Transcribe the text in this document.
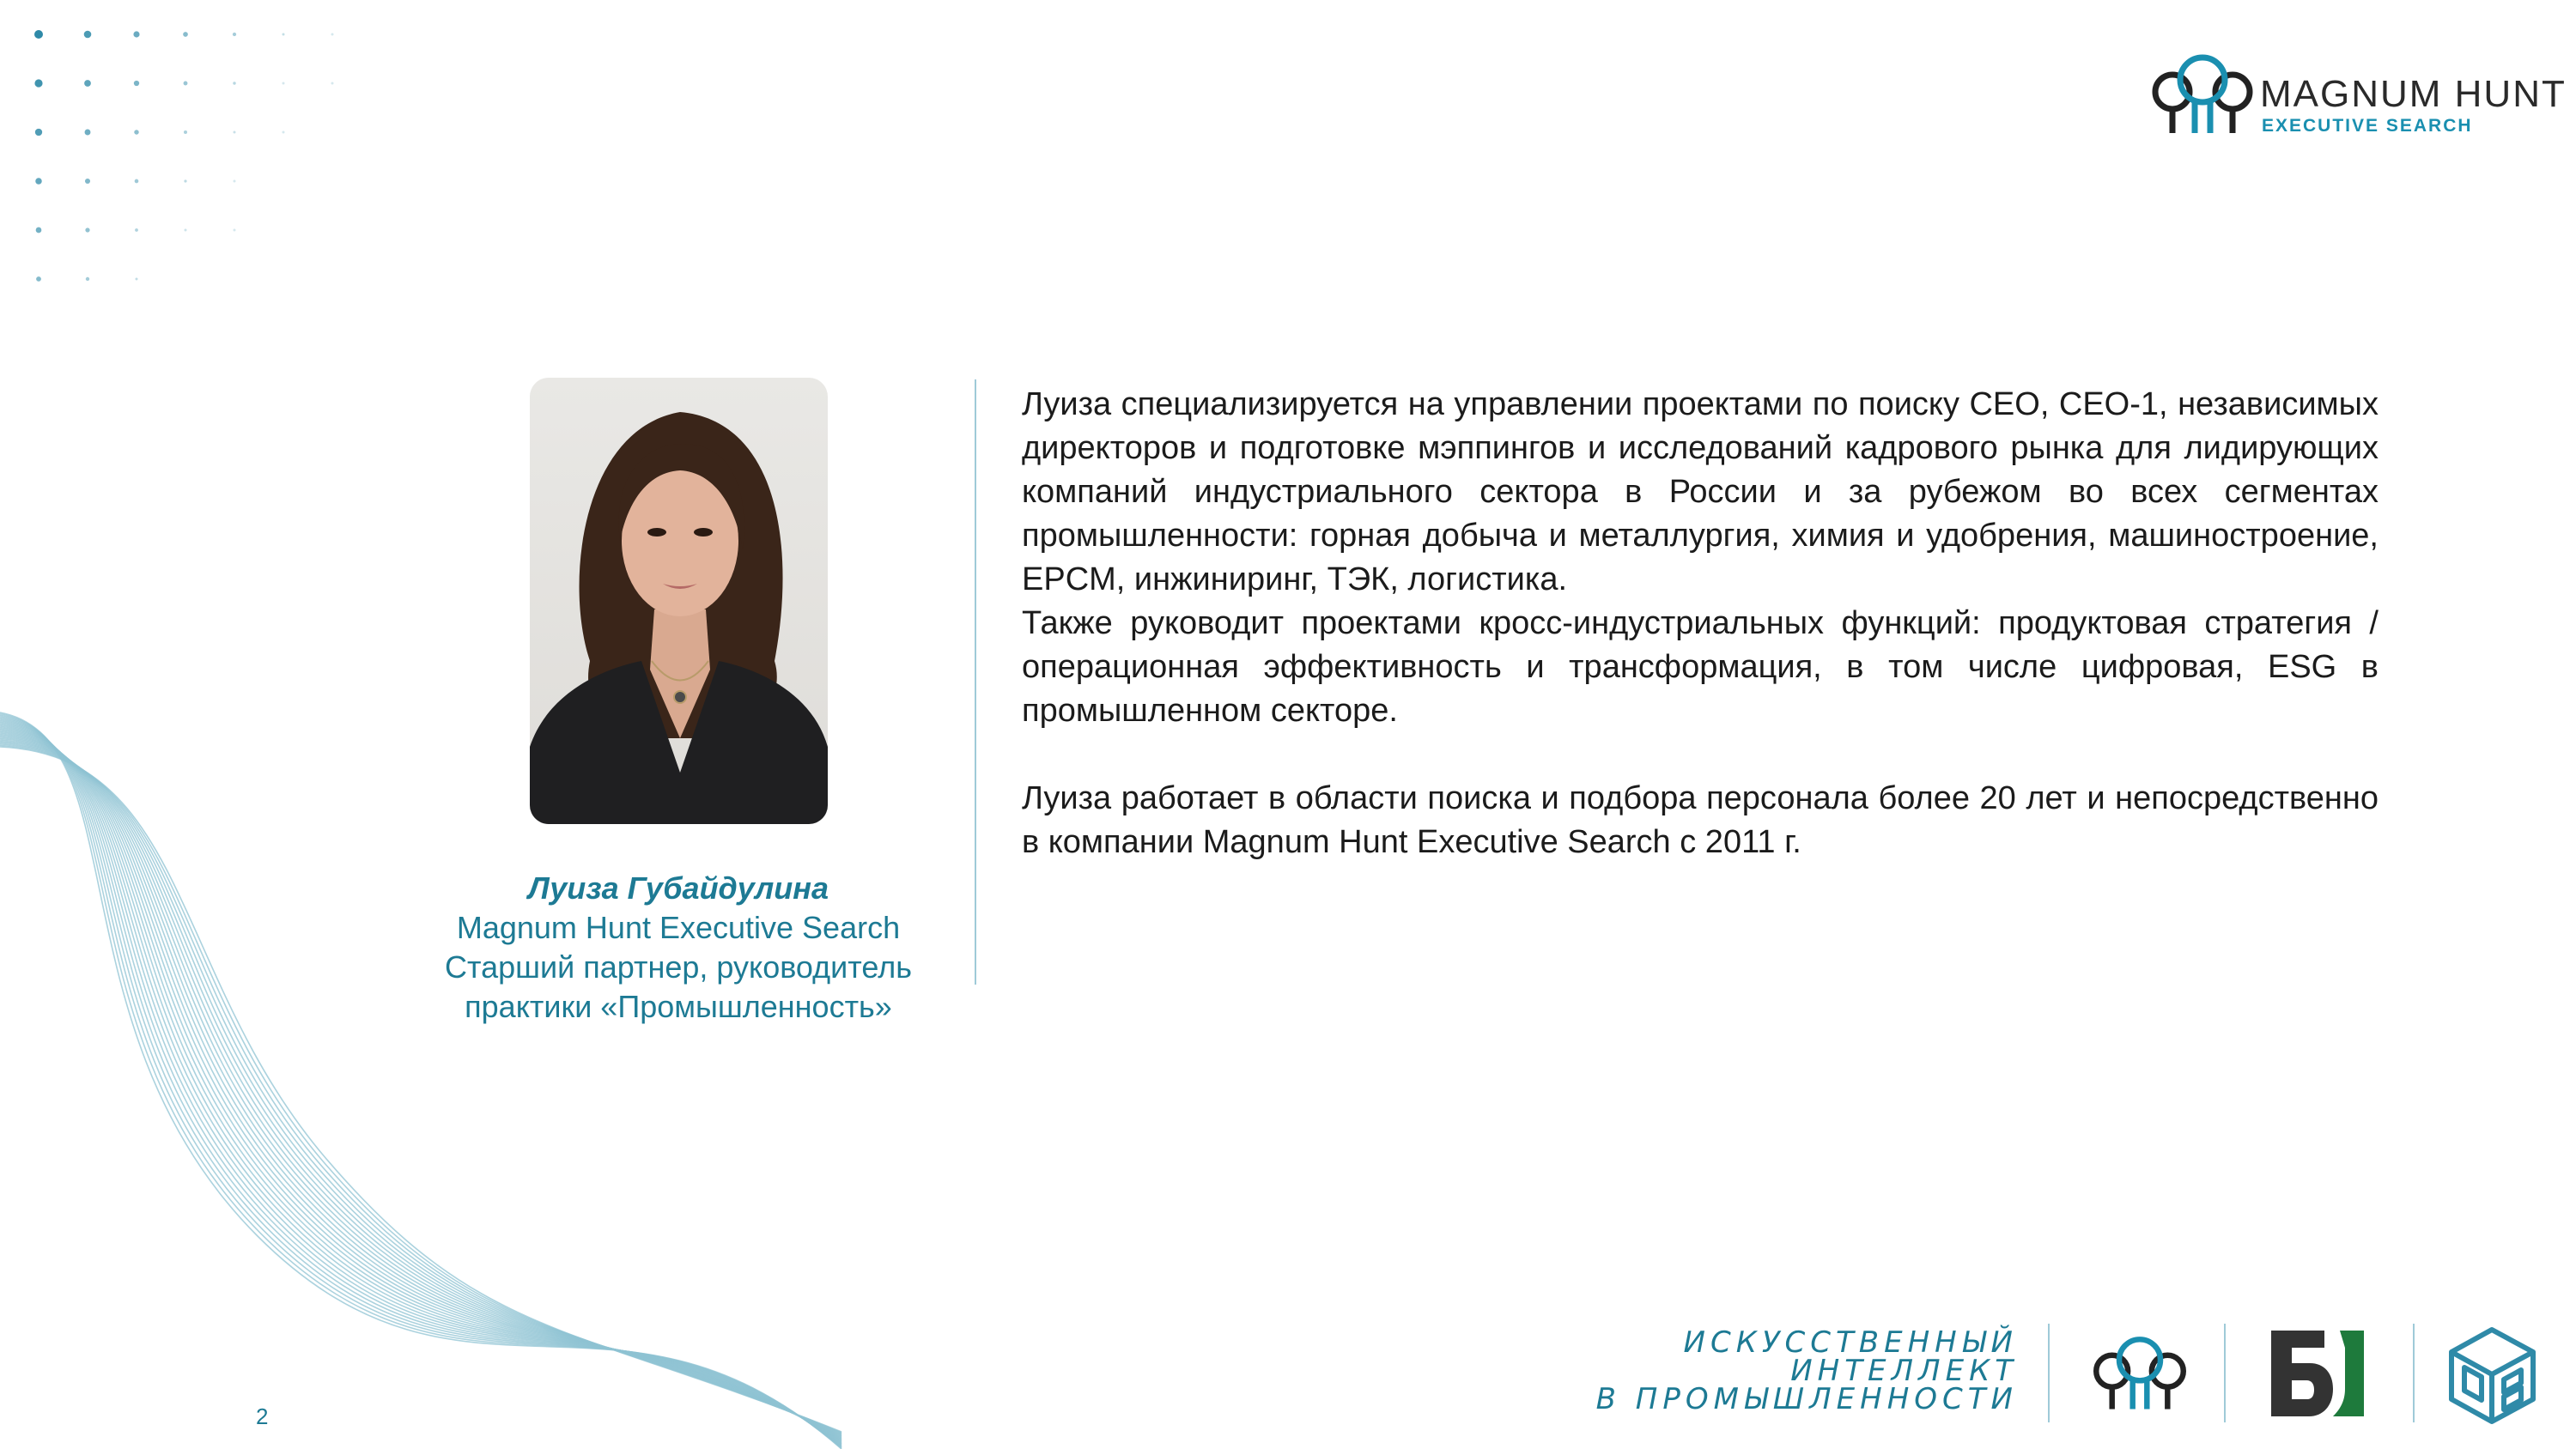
MAGNUM HUNT
EXECUTIVE SEARCH
Луиза Губайдулина
Magnum Hunt Executive Search
Старший партнер, руководитель
практики «Промышленность»

Луиза специализируется на управлении проектами по поиску CEO, CEO-1, независимых директоров и подготовке мэппингов и исследований кадрового рынка для лидирующих компаний индустриального сектора в России и за рубежом во всех сегментах промышленности: горная добыча и металлургия, химия и удобрения, машиностроение, EPCM, инжиниринг, ТЭК, логистика.

Также руководит проектами кросс-индустриальных функций: продуктовая стратегия /операционная эффективность и трансформация, в том числе цифровая, ESG в промышленном секторе.

Луиза работает в области поиска и подбора персонала более 20 лет и непосредственно в компании Magnum Hunt Executive Search с 2011 г.

2
ИСКУССТВЕННЫЙ
ИНТЕЛЛЕКТ
В ПРОМЫШЛЕННОСТИ
